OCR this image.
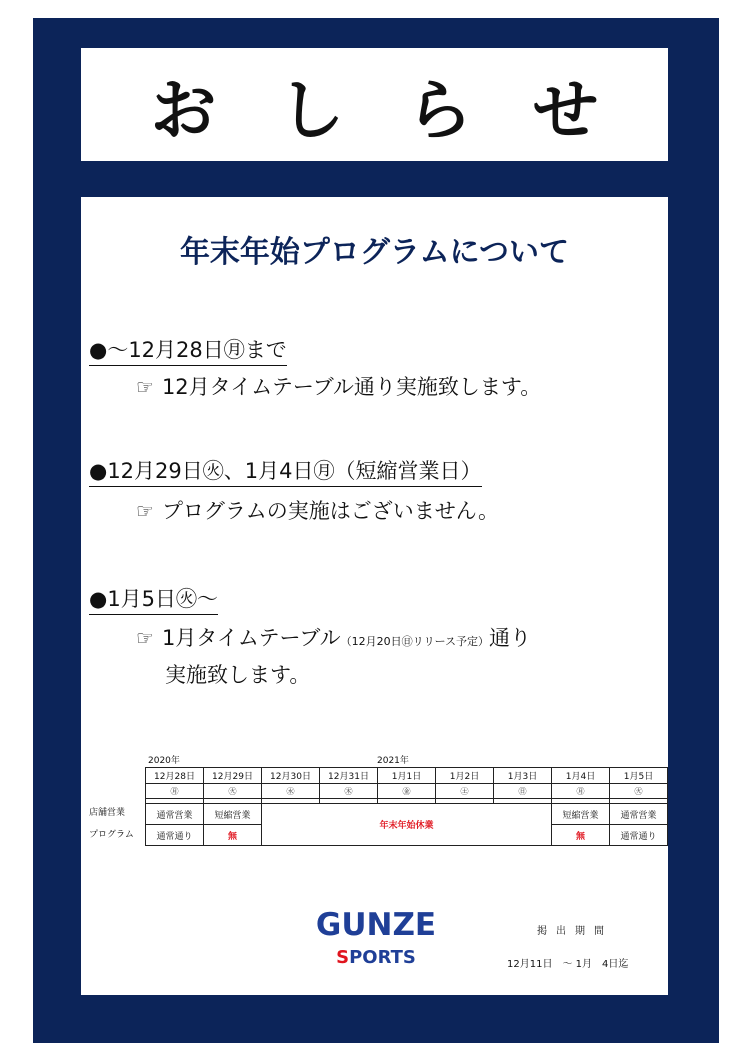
おしらせ
年末年始プログラムについて
●～12月28日㊊まで
☞ 12月タイムテーブル通り実施致します。
●12月29日㊋、1月4日㊊（短縮営業日）
☞ プログラムの実施はございません。
●1月5日㊋～
☞ 1月タイムテーブル（12月20日㊐リリース予定）通り
実施致します。
2020年	2021年
店舗営業
プログラム
12月28日	12月29日	12月30日	12月31日	1月1日	1月2日	1月3日	1月4日	1月5日
㊊	㊋	㊌	㊍	㊎	㊏	㊐	㊊	㊋

通常営業	短縮営業	年末年始休業					短縮営業	通常営業
通常通り	無						無	通常通り
GUNZE
SPORTS
掲出期間
12月11日　～ 1月　4日迄
